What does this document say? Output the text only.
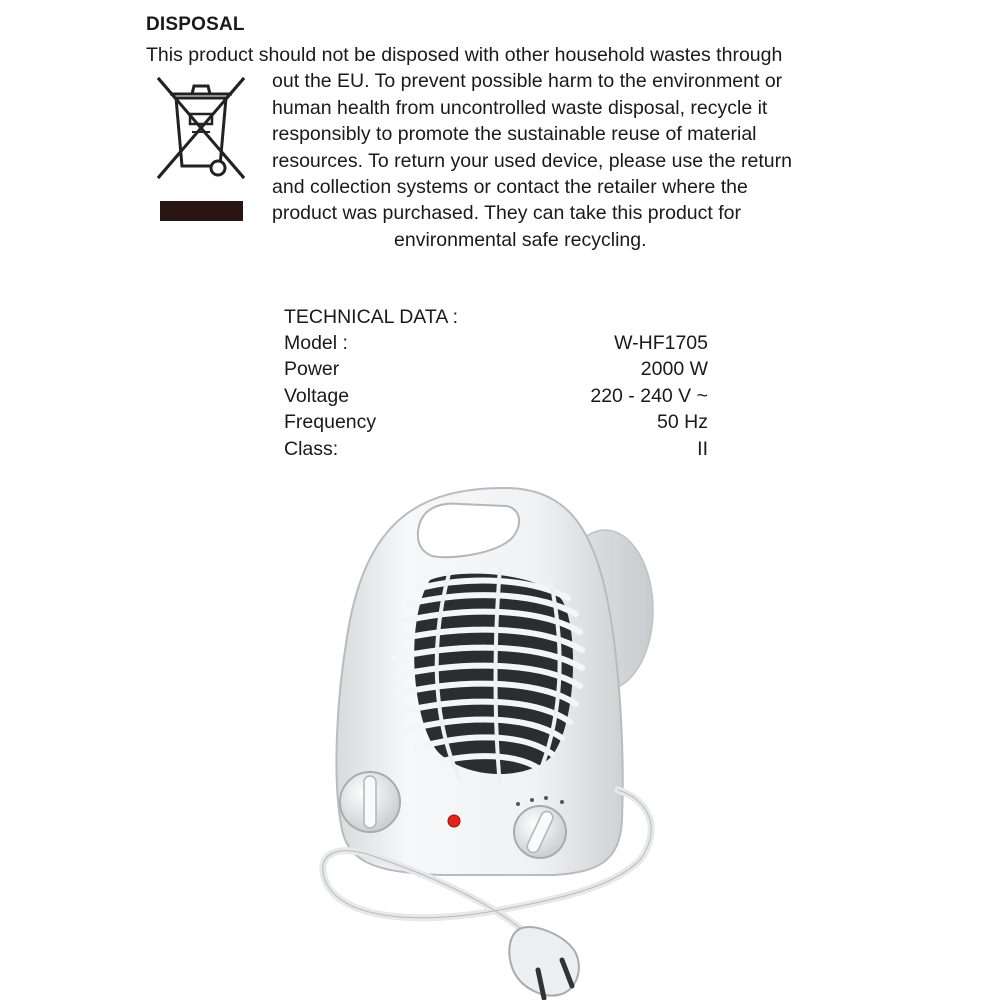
DISPOSAL
This product should not be disposed with other household wastes through
out the EU. To prevent possible harm to the environment or
human health from uncontrolled waste disposal, recycle it
responsibly to promote the sustainable reuse of material
resources. To return your used device, please use the return
and collection systems or contact the retailer where the
product was purchased. They can take this product for
environmental safe recycling.
TECHNICAL DATA :
Model :	W-HF1705
Power	2000 W
Voltage	220 - 240 V ~
Frequency	50 Hz
Class:	II
